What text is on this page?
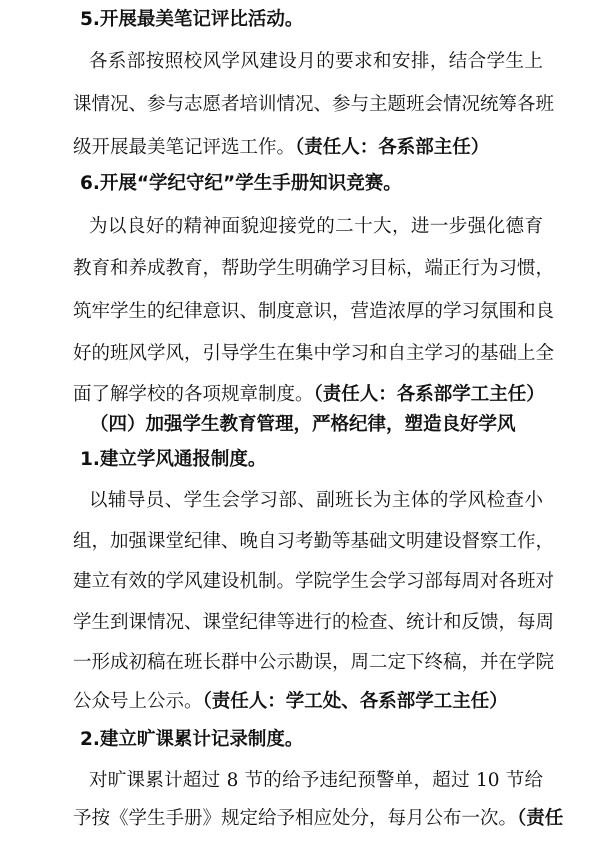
5.开展最美笔记评比活动。
各系部按照校风学风建设月的要求和安排，结合学生上
课情况、参与志愿者培训情况、参与主题班会情况统筹各班
级开展最美笔记评选工作。（责任人：各系部主任）
6.开展“学纪守纪”学生手册知识竞赛。
为以良好的精神面貌迎接党的二十大，进一步强化德育
教育和养成教育，帮助学生明确学习目标，端正行为习惯，
筑牢学生的纪律意识、制度意识，营造浓厚的学习氛围和良
好的班风学风，引导学生在集中学习和自主学习的基础上全
面了解学校的各项规章制度。（责任人：各系部学工主任）
（四）加强学生教育管理，严格纪律，塑造良好学风
1.建立学风通报制度。
以辅导员、学生会学习部、副班长为主体的学风检查小
组，加强课堂纪律、晚自习考勤等基础文明建设督察工作，
建立有效的学风建设机制。学院学生会学习部每周对各班对
学生到课情况、课堂纪律等进行的检查、统计和反馈，每周
一形成初稿在班长群中公示勘误，周二定下终稿，并在学院
公众号上公示。（责任人：学工处、各系部学工主任）
2.建立旷课累计记录制度。
对旷课累计超过 8 节的给予违纪预警单，超过 10 节给
予按《学生手册》规定给予相应处分，每月公布一次。（责任
